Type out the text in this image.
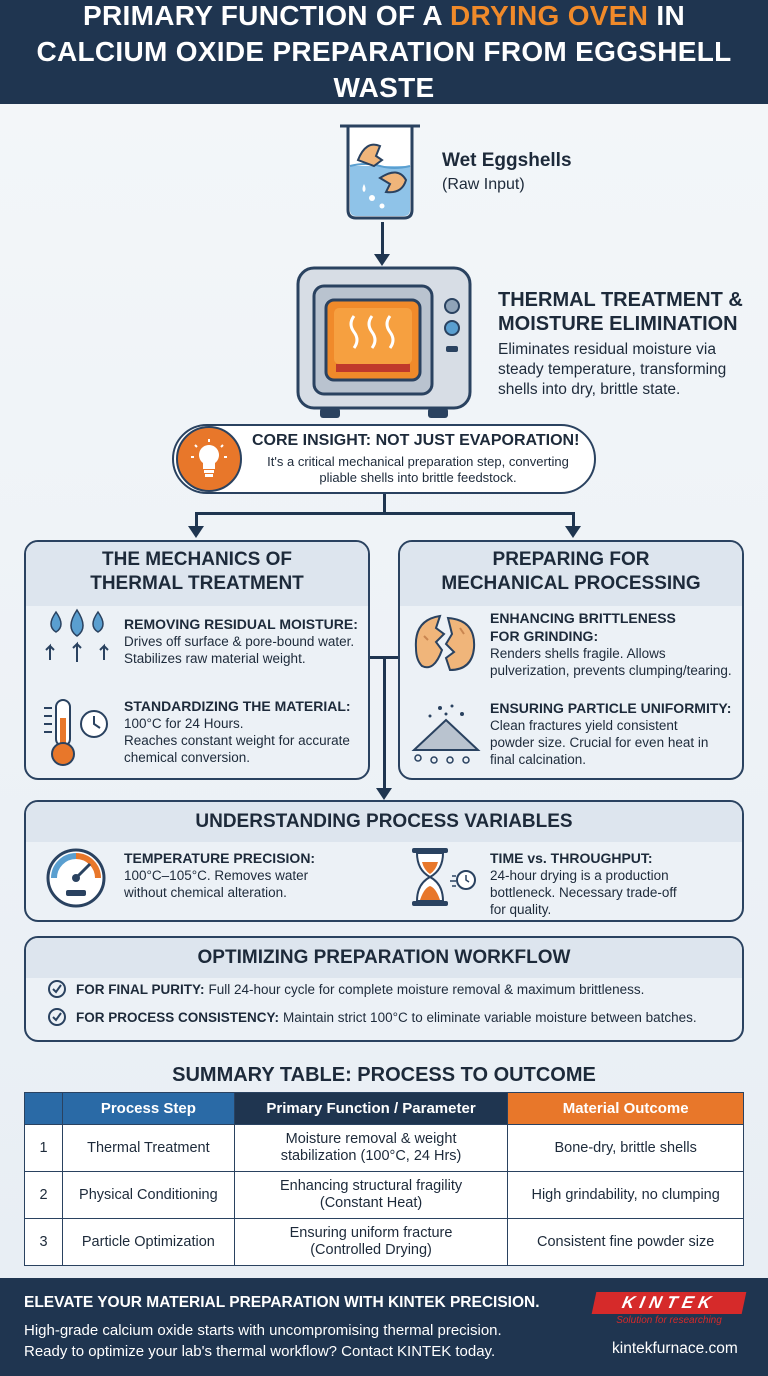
PRIMARY FUNCTION OF A DRYING OVEN IN
CALCIUM OXIDE PREPARATION FROM EGGSHELL WASTE
Wet Eggshells
(Raw Input)
THERMAL TREATMENT &
MOISTURE ELIMINATION
Eliminates residual moisture via
steady temperature, transforming
shells into dry, brittle state.
CORE INSIGHT: NOT JUST EVAPORATION!
It's a critical mechanical preparation step, converting
pliable shells into brittle feedstock.
THE MECHANICS OF
THERMAL TREATMENT
REMOVING RESIDUAL MOISTURE:
Drives off surface & pore-bound water.
Stabilizes raw material weight.
STANDARDIZING THE MATERIAL:
100°C for 24 Hours.
Reaches constant weight for accurate
chemical conversion.
PREPARING FOR
MECHANICAL PROCESSING
ENHANCING BRITTLENESS
FOR GRINDING:
Renders shells fragile. Allows
pulverization, prevents clumping/tearing.
ENSURING PARTICLE UNIFORMITY:
Clean fractures yield consistent
powder size. Crucial for even heat in
final calcination.
UNDERSTANDING PROCESS VARIABLES
TEMPERATURE PRECISION:
100°C–105°C. Removes water
without chemical alteration.
TIME vs. THROUGHPUT:
24-hour drying is a production
bottleneck. Necessary trade-off
for quality.
OPTIMIZING PREPARATION WORKFLOW
FOR FINAL PURITY: Full 24-hour cycle for complete moisture removal & maximum brittleness.
FOR PROCESS CONSISTENCY: Maintain strict 100°C to eliminate variable moisture between batches.
SUMMARY TABLE: PROCESS TO OUTCOME
	Process Step	Primary Function / Parameter	Material Outcome
1	Thermal Treatment	Moisture removal & weight
stabilization (100°C, 24 Hrs)	Bone-dry, brittle shells
2	Physical Conditioning	Enhancing structural fragility
(Constant Heat)	High grindability, no clumping
3	Particle Optimization	Ensuring uniform fracture
(Controlled Drying)	Consistent fine powder size
ELEVATE YOUR MATERIAL PREPARATION WITH KINTEK PRECISION.
High-grade calcium oxide starts with uncompromising thermal precision.
Ready to optimize your lab's thermal workflow? Contact KINTEK today.
KINTEK
Solution for researching
kintekfurnace.com
